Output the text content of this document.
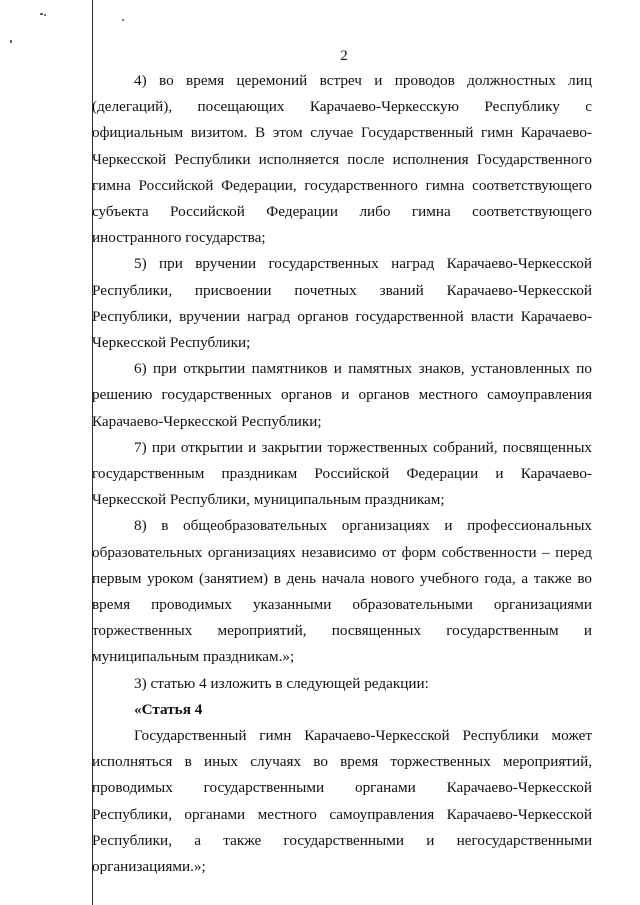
2

4) во время церемоний встреч и проводов должностных лиц (делегаций), посещающих Карачаево-Черкесскую Республику с официальным визитом. В этом случае Государственный гимн Карачаево-Черкесской Республики исполняется после исполнения Государственного гимна Российской Федерации, государственного гимна соответствующего субъекта Российской Федерации либо гимна соответствующего иностранного государства;

5) при вручении государственных наград Карачаево-Черкесской Республики, присвоении почетных званий Карачаево-Черкесской Республики, вручении наград органов государственной власти Карачаево-Черкесской Республики;

6) при открытии памятников и памятных знаков, установленных по решению государственных органов и органов местного самоуправления Карачаево-Черкесской Республики;

7) при открытии и закрытии торжественных собраний, посвященных государственным праздникам Российской Федерации и Карачаево-Черкесской Республики, муниципальным праздникам;

8) в общеобразовательных организациях и профессиональных образовательных организациях независимо от форм собственности – перед первым уроком (занятием) в день начала нового учебного года, а также во время проводимых указанными образовательными организациями торжественных мероприятий, посвященных государственным и муниципальным праздникам.»;

3) статью 4 изложить в следующей редакции:

«Статья 4

Государственный гимн Карачаево-Черкесской Республики может исполняться в иных случаях во время торжественных мероприятий, проводимых государственными органами Карачаево-Черкесской Республики, органами местного самоуправления Карачаево-Черкесской Республики, а также государственными и негосударственными организациями.»;
